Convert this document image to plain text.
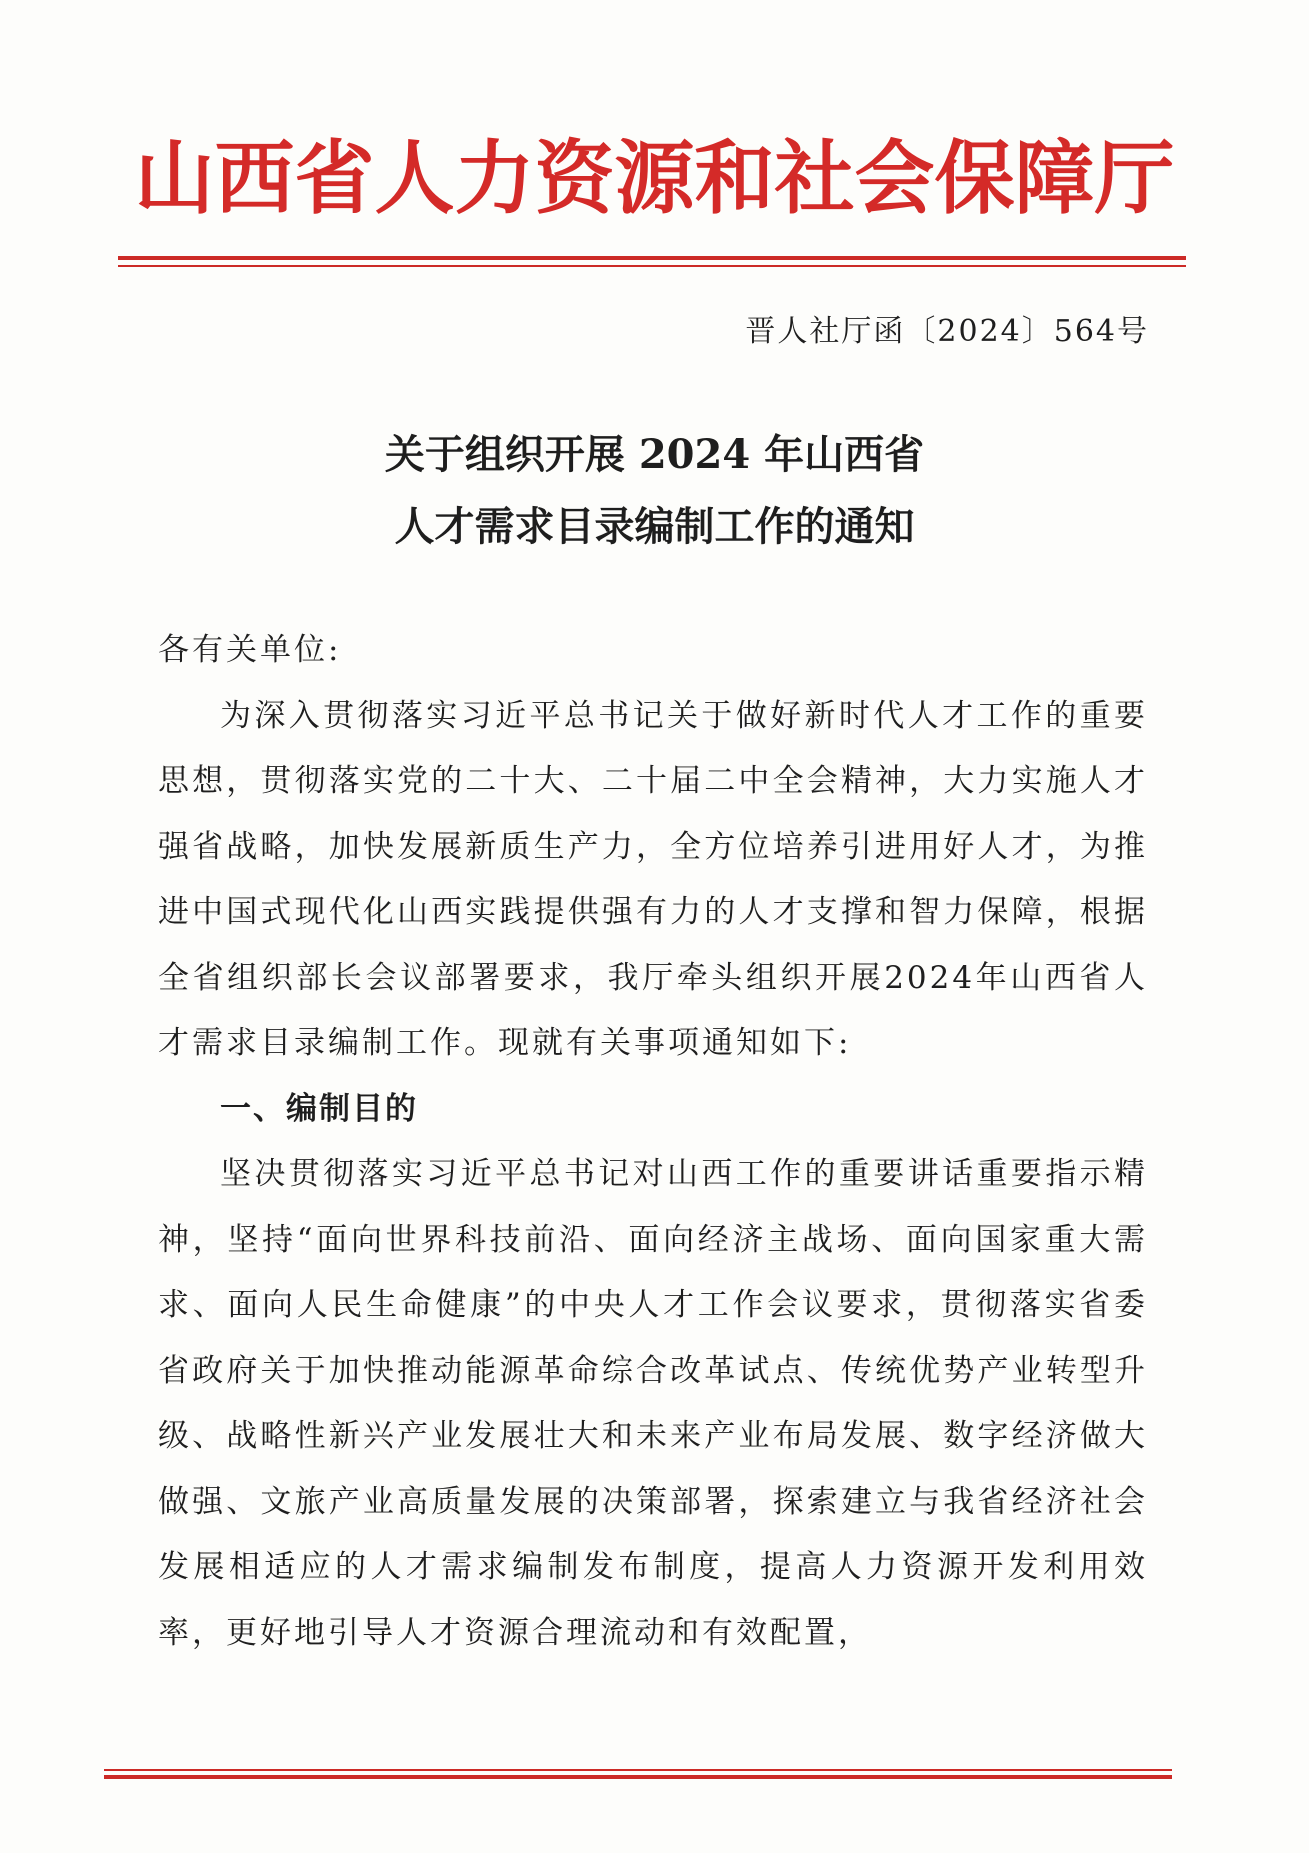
山西省人力资源和社会保障厅
晋人社厅函〔2024〕564号
关于组织开展 2024 年山西省
人才需求目录编制工作的通知

各有关单位:

为深入贯彻落实习近平总书记关于做好新时代人才工作的重要思想，贯彻落实党的二十大、二十届二中全会精神，大力实施人才强省战略，加快发展新质生产力，全方位培养引进用好人才，为推进中国式现代化山西实践提供强有力的人才支撑和智力保障，根据全省组织部长会议部署要求，我厅牵头组织开展2024年山西省人才需求目录编制工作。现就有关事项通知如下:

一、编制目的

坚决贯彻落实习近平总书记对山西工作的重要讲话重要指示精神，坚持“面向世界科技前沿、面向经济主战场、面向国家重大需求、面向人民生命健康”的中央人才工作会议要求，贯彻落实省委省政府关于加快推动能源革命综合改革试点、传统优势产业转型升级、战略性新兴产业发展壮大和未来产业布局发展、数字经济做大做强、文旅产业高质量发展的决策部署，探索建立与我省经济社会发展相适应的人才需求编制发布制度，提高人力资源开发利用效率，更好地引导人才资源合理流动和有效配置，
